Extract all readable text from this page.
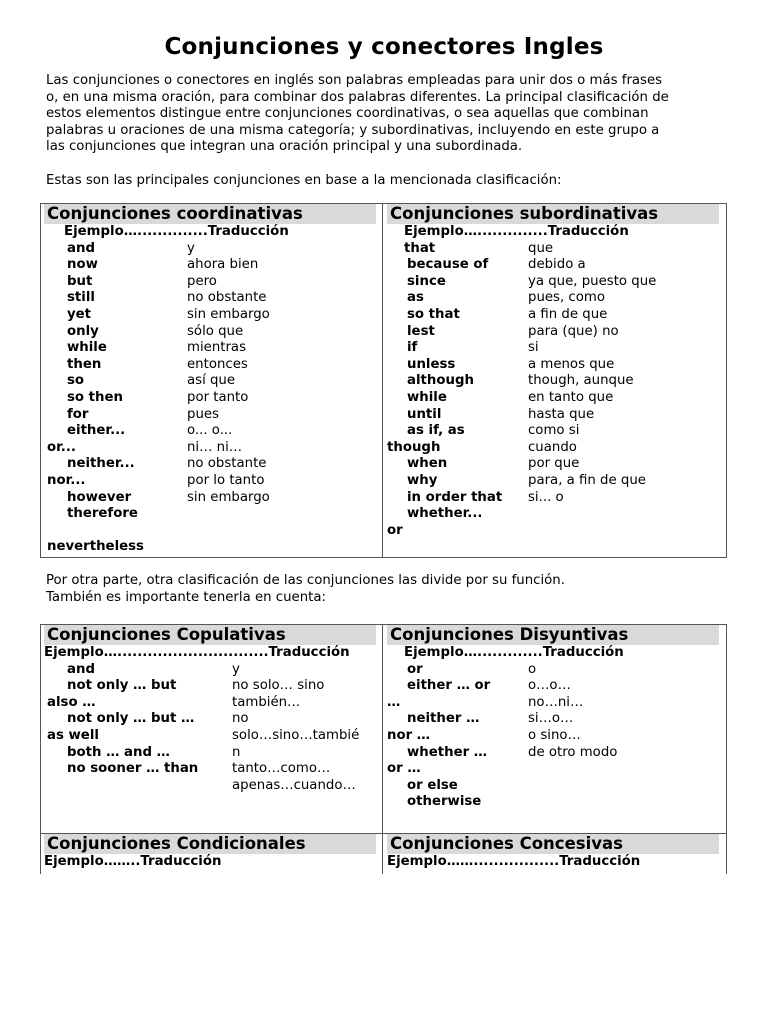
Conjunciones y conectores Ingles
Las conjunciones o conectores en inglés son palabras empleadas para unir dos o más frases
o, en una misma oración, para combinar dos palabras diferentes. La principal clasificación de
estos elementos distingue entre conjunciones coordinativas, o sea aquellas que combinan
palabras u oraciones de una misma categoría; y subordinativas, incluyendo en este grupo a
las conjunciones que integran una oración principal y una subordinada.
Estas son las principales conjunciones en base a la mencionada clasificación:
Conjunciones coordinativas
Ejemplo…..............Traducción
and	y
now	ahora bien
but	pero
still	no obstante
yet	sin embargo
only	sólo que
while	mientras
then	entonces
so	así que
so then	por tanto
for	pues
either...	o... o...
or...	ni… ni…
neither...	no obstante
nor...	por lo tanto
however	sin embargo
therefore
nevertheless
Conjunciones subordinativas
Ejemplo…..............Traducción
that	que
because of	debido a
since	ya que, puesto que
as	pues, como
so that	a fin de que
lest	para (que) no
if	si
unless	a menos que
although	though, aunque
while	en tanto que
until	hasta que
as if, as	como si
though	cuando
when	por que
why	para, a fin de que
in order that si... o
whether...
or
Por otra parte, otra clasificación de las conjunciones las divide por su función.
También es importante tenerla en cuenta:
Conjunciones Copulativas
Ejemplo…..............................Traducción
and	y
not only … but	no solo… sino
also …	también…
not only … but …	no
as well	solo…sino…tambié
both … and …	n
no sooner … than	tanto…como…
apenas…cuando…
Conjunciones Disyuntivas
Ejemplo….............Traducción
or	o
either … or	o…o…
…	no…ni…
neither …	si…o…
nor …	o sino…
whether …	de otro modo
or …
or else
otherwise
Conjunciones Condicionales
Ejemplo……..Traducción
Conjunciones Concesivas
Ejemplo…….................Traducción
